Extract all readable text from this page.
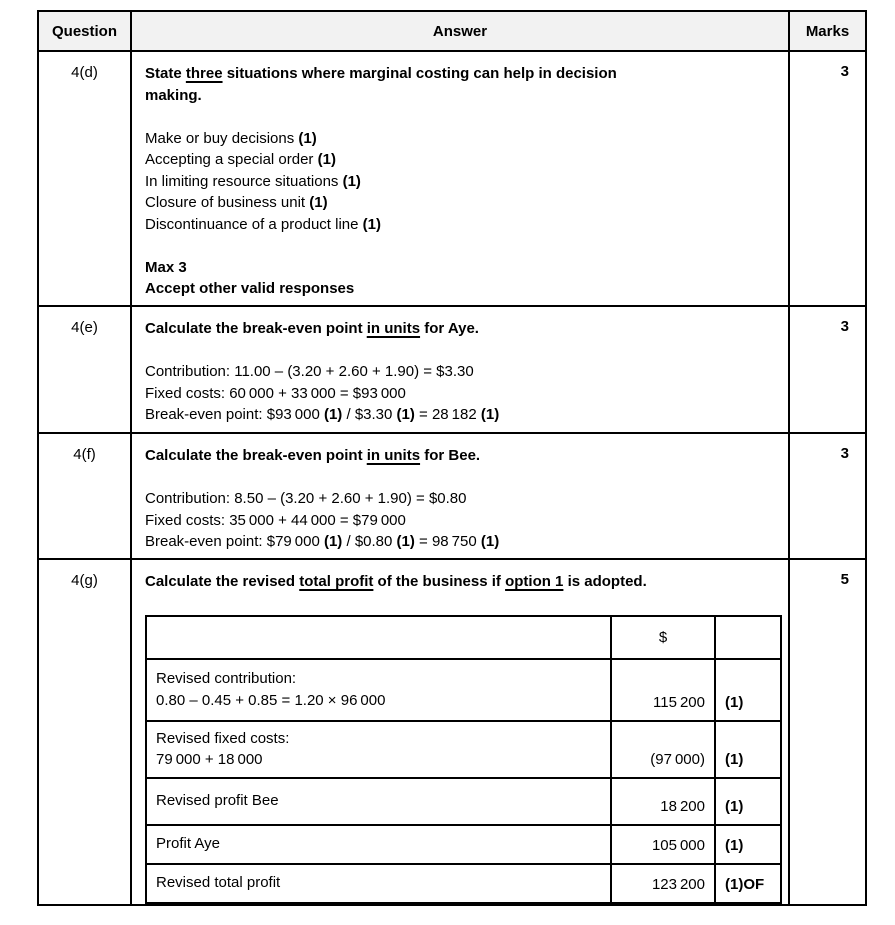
Question	Answer	Marks
4(d)	State three situations where marginal costing can help in decision
making.
Make or buy decisions (1)
Accepting a special order (1)
In limiting resource situations (1)
Closure of business unit (1)
Discontinuance of a product line (1)
Max 3
Accept other valid responses
	3
4(e)	Calculate the break-even point in units for Aye.
Contribution: 11.00 – (3.20 + 2.60 + 1.90) = $3.30
Fixed costs: 60 000 + 33 000 = $93 000
Break-even point: $93 000 (1) / $3.30 (1) = 28 182 (1)
	3
4(f)	Calculate the break-even point in units for Bee.
Contribution: 8.50 – (3.20 + 2.60 + 1.90) = $0.80
Fixed costs: 35 000 + 44 000 = $79 000
Break-even point: $79 000 (1) / $0.80 (1) = 98 750 (1)
	3
4(g)	Calculate the revised total profit of the business if option 1 is adopted.
	$	

Revised contribution:
0.80 – 0.45 + 0.85 = 1.20 × 96 000	115 200	(1)

Revised fixed costs:
79 000 + 18 000	(97 000)	(1)

Revised profit Bee	18 200	(1)

Profit Aye	105 000	(1)

Revised total profit	123 200	(1)OF
	5
